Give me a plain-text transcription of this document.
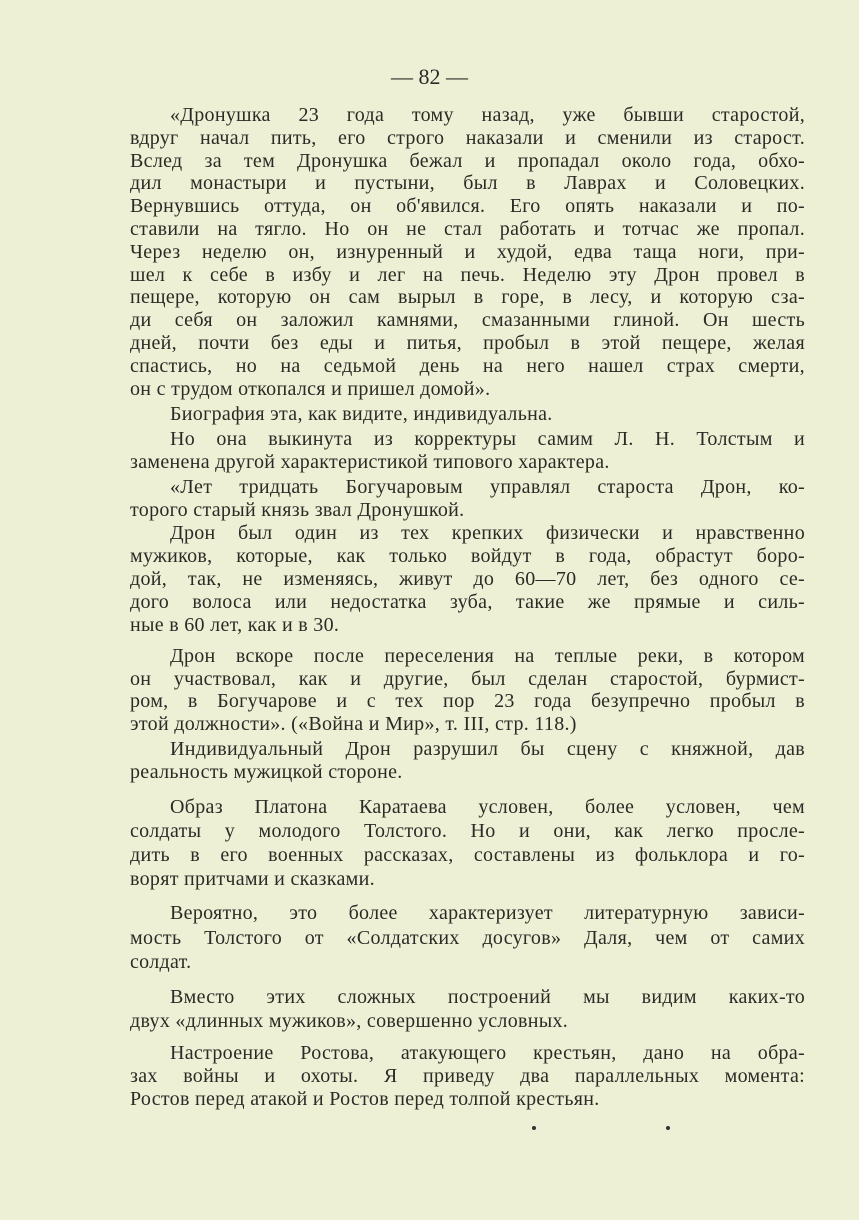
— 82 —
«Дронушка 23 года тому назад, уже бывши старостой,
вдруг начал пить, его строго наказали и сменили из старост.
Вслед за тем Дронушка бежал и пропадал около года, обхо-
дил монастыри и пустыни, был в Лаврах и Соловецких.
Вернувшись оттуда, он об'явился. Его опять наказали и по-
ставили на тягло. Но он не стал работать и тотчас же пропал.
Через неделю он, изнуренный и худой, едва таща ноги, при-
шел к себе в избу и лег на печь. Неделю эту Дрон провел в
пещере, которую он сам вырыл в горе, в лесу, и которую сза-
ди себя он заложил камнями, смазанными глиной. Он шесть
дней, почти без еды и питья, пробыл в этой пещере, желая
спастись, но на седьмой день на него нашел страх смерти,
он с трудом откопался и пришел домой».
Биография эта, как видите, индивидуальна.
Но она выкинута из корректуры самим Л. Н. Толстым и
заменена другой характеристикой типового характера.
«Лет тридцать Богучаровым управлял староста Дрон, ко-
торого старый князь звал Дронушкой.
Дрон был один из тех крепких физически и нравственно
мужиков, которые, как только войдут в года, обрастут боро-
дой, так, не изменяясь, живут до 60—70 лет, без одного се-
дого волоса или недостатка зуба, такие же прямые и силь-
ные в 60 лет, как и в 30.
Дрон вскоре после переселения на теплые реки, в котором
он участвовал, как и другие, был сделан старостой, бурмист-
ром, в Богучарове и с тех пор 23 года безупречно пробыл в
этой должности». («Война и Мир», т. III, стр. 118.)
Индивидуальный Дрон разрушил бы сцену с княжной, дав
реальность мужицкой стороне.
Образ Платона Каратаева условен, более условен, чем
солдаты у молодого Толстого. Но и они, как легко просле-
дить в его военных рассказах, составлены из фольклора и го-
ворят притчами и сказками.
Вероятно, это более характеризует литературную зависи-
мость Толстого от «Солдатских досугов» Даля, чем от самих
солдат.
Вместо этих сложных построений мы видим каких-то
двух «длинных мужиков», совершенно условных.
Настроение Ростова, атакующего крестьян, дано на обра-
зах войны и охоты. Я приведу два параллельных момента:
Ростов перед атакой и Ростов перед толпой крестьян.
